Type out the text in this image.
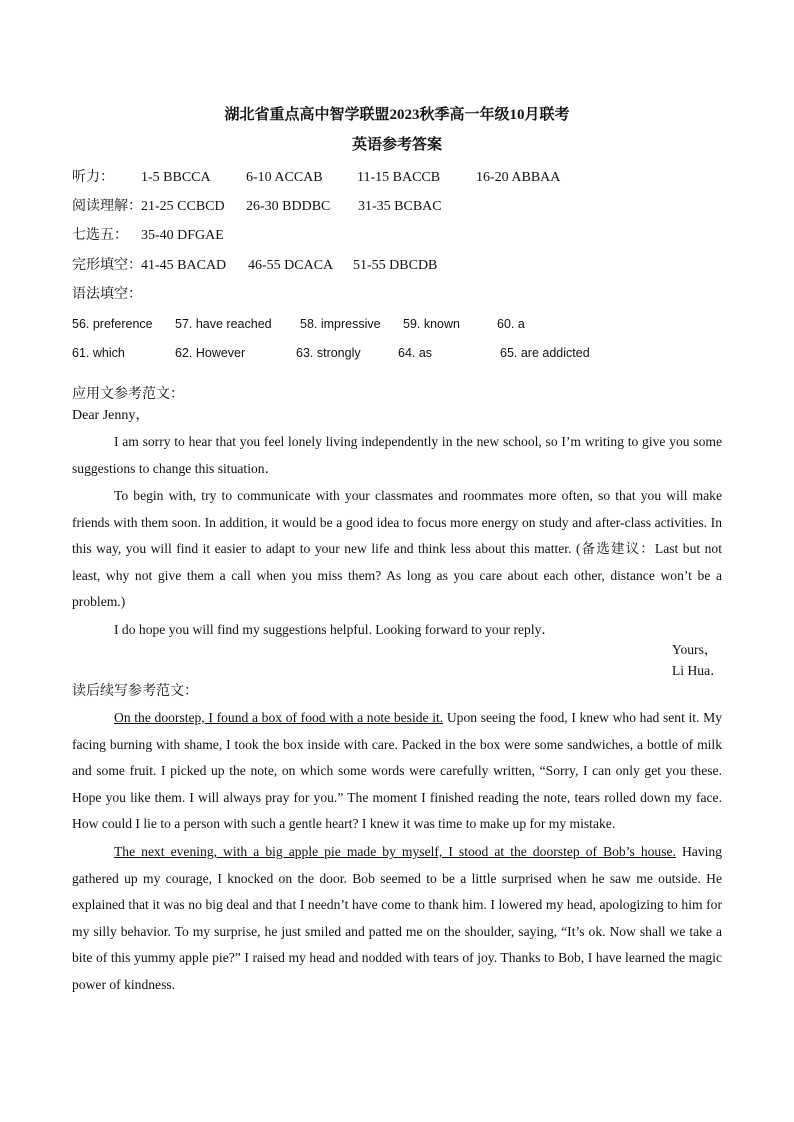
湖北省重点高中智学联盟2023秋季高一年级10月联考
英语参考答案
听力： 1-5 BBCCA	6-10 ACCAB 11-15 BACCB	16-20 ABBAA
阅读理解： 21-25 CCBCD 26-30 BDDBC 31-35 BCBAC
七选五： 35-40 DFGAE
完形填空： 41-45 BACAD 46-55 DCACA 51-55 DBCDB
语法填空：
56. preference 57. have reached 58. impressive 59. known	60. a
61. which	62. However	63. strongly	64. as	65. are addicted
应用文参考范文：
Dear Jenny，
I am sorry to hear that you feel lonely living independently in the new school, so I’m writing to give you some suggestions to change this situation．
To begin with, try to communicate with your classmates and roommates more often, so that you will make friends with them soon. In addition, it would be a good idea to focus more energy on study and after-class activities. In this way, you will find it easier to adapt to your new life and think less about this matter. (备选建议：Last but not least, why not give them a call when you miss them? As long as you care about each other, distance won’t be a problem.)
I do hope you will find my suggestions helpful. Looking forward to your reply．
Yours，
Li Hua．
读后续写参考范文：
On the doorstep, I found a box of food with a note beside it. Upon seeing the food, I knew who had sent it. My facing burning with shame, I took the box inside with care. Packed in the box were some sandwiches, a bottle of milk and some fruit. I picked up the note, on which some words were carefully written, “Sorry, I can only get you these. Hope you like them. I will always pray for you.” The moment I finished reading the note, tears rolled down my face. How could I lie to a person with such a gentle heart? I knew it was time to make up for my mistake.
The next evening, with a big apple pie made by myself, I stood at the doorstep of Bob’s house. Having gathered up my courage, I knocked on the door. Bob seemed to be a little surprised when he saw me outside. He explained that it was no big deal and that I needn’t have come to thank him. I lowered my head, apologizing to him for my silly behavior. To my surprise, he just smiled and patted me on the shoulder, saying, “It’s ok. Now shall we take a bite of this yummy apple pie?” I raised my head and nodded with tears of joy. Thanks to Bob, I have learned the magic power of kindness.
